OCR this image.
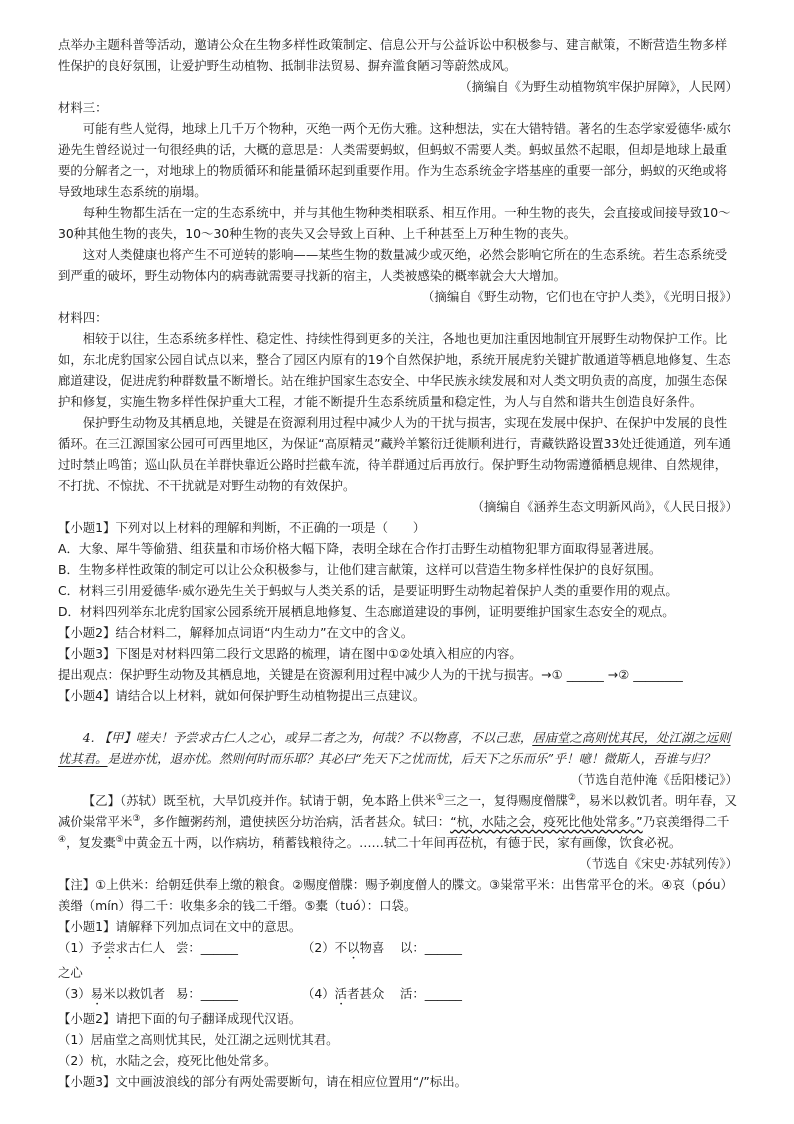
点举办主题科普等活动，邀请公众在生物多样性政策制定、信息公开与公益诉讼中积极参与、建言献策，不断营造生物多样性保护的良好氛围，让爱护野生动植物、抵制非法贸易、摒弃滥食陋习等蔚然成风。

（摘编自《为野生动植物筑牢保护屏障》，人民网）

材料三：

可能有些人觉得，地球上几千万个物种，灭绝一两个无伤大雅。这种想法，实在大错特错。著名的生态学家爱德华·威尔逊先生曾经说过一句很经典的话，大概的意思是：人类需要蚂蚁，但蚂蚁不需要人类。蚂蚁虽然不起眼，但却是地球上最重要的分解者之一，对地球上的物质循环和能量循环起到重要作用。作为生态系统金字塔基座的重要一部分，蚂蚁的灭绝或将导致地球生态系统的崩塌。

每种生物都生活在一定的生态系统中，并与其他生物种类相联系、相互作用。一种生物的丧失，会直接或间接导致10～30种其他生物的丧失，10～30种生物的丧失又会导致上百种、上千种甚至上万种生物的丧失。

这对人类健康也将产生不可逆转的影响——某些生物的数量减少或灭绝，必然会影响它所在的生态系统。若生态系统受到严重的破坏，野生动物体内的病毒就需要寻找新的宿主，人类被感染的概率就会大大增加。

（摘编自《野生动物，它们也在守护人类》，《光明日报》）

材料四：

相较于以往，生态系统多样性、稳定性、持续性得到更多的关注，各地也更加注重因地制宜开展野生动物保护工作。比如，东北虎豹国家公园自试点以来，整合了园区内原有的19个自然保护地，系统开展虎豹关键扩散通道等栖息地修复、生态廊道建设，促进虎豹种群数量不断增长。站在维护国家生态安全、中华民族永续发展和对人类文明负责的高度，加强生态保护和修复，实施生物多样性保护重大工程，才能不断提升生态系统质量和稳定性，为人与自然和谐共生创造良好条件。

保护野生动物及其栖息地，关键是在资源利用过程中减少人为的干扰与损害，实现在发展中保护、在保护中发展的良性循环。在三江源国家公园可可西里地区，为保证“高原精灵”藏羚羊繁衍迁徙顺利进行，青藏铁路设置33处迁徙通道，列车通过时禁止鸣笛；巡山队员在羊群快靠近公路时拦截车流，待羊群通过后再放行。保护野生动物需遵循栖息规律、自然规律，不打扰、不惊扰、不干扰就是对野生动物的有效保护。

（摘编自《涵养生态文明新风尚》，《人民日报》）

【小题1】下列对以上材料的理解和判断，不正确的一项是（　　）

A．大象、犀牛等偷猎、组获量和市场价格大幅下降，表明全球在合作打击野生动植物犯罪方面取得显著进展。

B．生物多样性政策的制定可以让公众积极参与，让他们建言献策，这样可以营造生物多样性保护的良好氛围。

C．材料三引用爱德华·威尔逊先生关于蚂蚁与人类关系的话，是要证明野生动物起着保护人类的重要作用的观点。

D．材料四列举东北虎豹国家公园系统开展栖息地修复、生态廊道建设的事例，证明要维护国家生态安全的观点。

【小题2】结合材料二，解释加点词语“内生动力”在文中的含义。

【小题3】下图是对材料四第二段行文思路的梳理，请在图中①②处填入相应的内容。

提出观点：保护野生动物及其栖息地，关键是在资源利用过程中减少人为的干扰与损害。→① ______ →② ________

【小题4】请结合以上材料，就如何保护野生动植物提出三点建议。

4. 【甲】嗟夫！予尝求古仁人之心，或异二者之为，何哉？不以物喜，不以己悲，居庙堂之高则忧其民，处江湖之远则忧其君。是进亦忧，退亦忧。然则何时而乐耶？其必曰“先天下之忧而忧，后天下之乐而乐”乎！噫！微斯人，吾谁与归？

（节选自范仲淹《岳阳楼记》）

【乙】（苏轼）既至杭，大旱饥疫并作。轼请于朝，免本路上供米①三之一，复得赐度僧牒②，易米以救饥者。明年春，又减价粜常平米③，多作饘粥药剂，遣使挟医分坊治病，活者甚众。轼曰：“杭，水陆之会，疫死比他处常多。”乃哀羡缗得二千④，复发橐⑤中黄金五十两，以作病坊，稍蓄钱粮待之。……轼二十年间再莅杭，有德于民，家有画像，饮食必祝。

（节选自《宋史·苏轼列传》）

【注】①上供米：给朝廷供奉上缴的粮食。②赐度僧牒：赐予剃度僧人的牒文。③粜常平米：出售常平仓的米。④哀（póu）羡缗（mín）得二千：收集多余的钱二千缗。⑤橐（tuó）：口袋。

【小题1】请解释下列加点词在文中的意思。

（1）予尝求古仁人之心
尝：______	（2）不以物喜	以：______

（3）易米以救饥者 易：______	（4）活者甚众	活：______

【小题2】请把下面的句子翻译成现代汉语。

（1）居庙堂之高则忧其民，处江湖之远则忧其君。

（2）杭，水陆之会，疫死比他处常多。

【小题3】文中画波浪线的部分有两处需要断句，请在相应位置用“/”标出。
